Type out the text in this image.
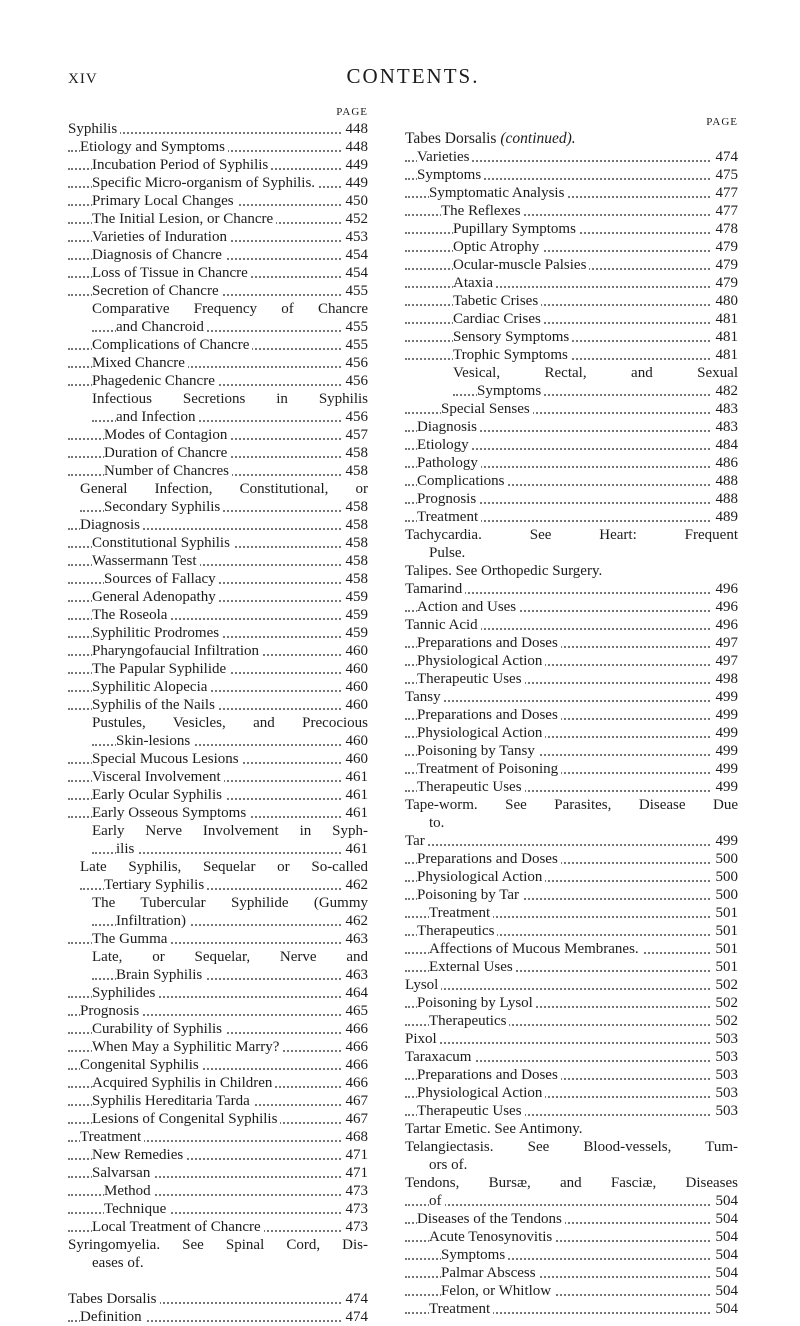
xiv	CONTENTS.
PAGE
Syphilis	448
Etiology and Symptoms	448
Incubation Period of Syphilis	449
Specific Micro-organism of Syphilis. 449
Primary Local Changes	450
The Initial Lesion, or Chancre	452
Varieties of Induration	453
Diagnosis of Chancre	454
Loss of Tissue in Chancre	454
Secretion of Chancre	455
Comparative Frequency of Chancre
and Chancroid	455
Complications of Chancre	455
Mixed Chancre	456
Phagedenic Chancre	456
Infectious Secretions in Syphilis
and Infection	456
Modes of Contagion	457
Duration of Chancre	458
Number of Chancres	458
General Infection, Constitutional, or
Secondary Syphilis	458
Diagnosis	458
Constitutional Syphilis	458
Wassermann Test	458
Sources of Fallacy	458
General Adenopathy	459
The Roseola	459
Syphilitic Prodromes	459
Pharyngofaucial Infiltration	460
The Papular Syphilide	460
Syphilitic Alopecia	460
Syphilis of the Nails	460
Pustules, Vesicles, and Precocious
Skin-lesions	460
Special Mucous Lesions	460
Visceral Involvement	461
Early Ocular Syphilis	461
Early Osseous Symptoms	461
Early Nerve Involvement in Syph-
ilis	461
Late Syphilis, Sequelar or So-called
Tertiary Syphilis	462
The Tubercular Syphilide (Gummy
Infiltration)	462
The Gumma	463
Late, or Sequelar, Nerve and
Brain Syphilis	463
Syphilides	464
Prognosis	465
Curability of Syphilis	466
When May a Syphilitic Marry?	466
Congenital Syphilis	466
Acquired Syphilis in Children	466
Syphilis Hereditaria Tarda	467
Lesions of Congenital Syphilis	467
Treatment	468
New Remedies	471
Salvarsan	471
Method	473
Technique	473
Local Treatment of Chancre	473
Syringomyelia. See Spinal Cord, Dis-
eases of.
Tabes Dorsalis	474
Definition	474
PAGE
Tabes Dorsalis (continued).
Varieties	474
Symptoms	475
Symptomatic Analysis	477
The Reflexes	477
Pupillary Symptoms	478
Optic Atrophy	479
Ocular-muscle Palsies	479
Ataxia	479
Tabetic Crises	480
Cardiac Crises	481
Sensory Symptoms	481
Trophic Symptoms	481
Vesical, Rectal, and Sexual
Symptoms	482
Special Senses	483
Diagnosis	483
Etiology	484
Pathology	486
Complications	488
Prognosis	488
Treatment	489
Tachycardia. See Heart: Frequent
Pulse.
Talipes. See Orthopedic Surgery.
Tamarind	496
Action and Uses	496
Tannic Acid	496
Preparations and Doses	497
Physiological Action	497
Therapeutic Uses	498
Tansy	499
Preparations and Doses	499
Physiological Action	499
Poisoning by Tansy	499
Treatment of Poisoning	499
Therapeutic Uses	499
Tape-worm. See Parasites, Disease Due
to.
Tar	499
Preparations and Doses	500
Physiological Action	500
Poisoning by Tar	500
Treatment	501
Therapeutics	501
Affections of Mucous Membranes.	501
External Uses	501
Lysol	502
Poisoning by Lysol	502
Therapeutics	502
Pixol	503
Taraxacum	503
Preparations and Doses	503
Physiological Action	503
Therapeutic Uses	503
Tartar Emetic. See Antimony.
Telangiectasis. See Blood-vessels, Tum-
ors of.
Tendons, Bursæ, and Fasciæ, Diseases
of	504
Diseases of the Tendons	504
Acute Tenosynovitis	504
Symptoms	504
Palmar Abscess	504
Felon, or Whitlow	504
Treatment	504
